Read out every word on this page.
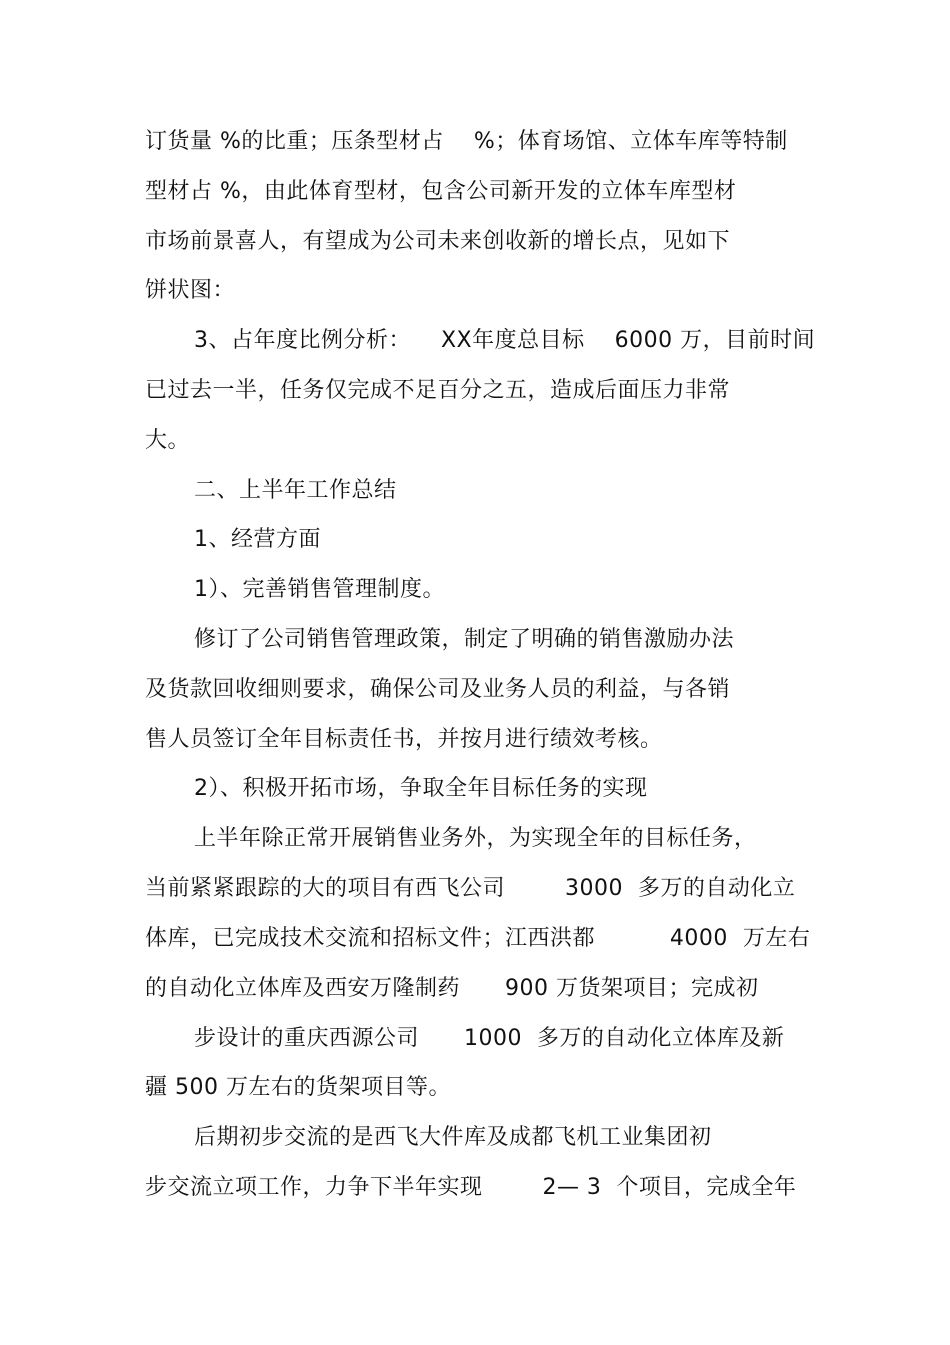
订货量 %的比重；压条型材占    %；体育场馆、立体车库等特制
型材占 %，由此体育型材，包含公司新开发的立体车库型材
市场前景喜人，有望成为公司未来创收新的增长点，见如下
饼状图：
3、占年度比例分析：    XX年度总目标    6000 万，目前时间
已过去一半，任务仅完成不足百分之五，造成后面压力非常
大。
二、上半年工作总结
1、经营方面
1）、完善销售管理制度。
修订了公司销售管理政策，制定了明确的销售激励办法
及货款回收细则要求，确保公司及业务人员的利益，与各销
售人员签订全年目标责任书，并按月进行绩效考核。
2）、积极开拓市场，争取全年目标任务的实现
上半年除正常开展销售业务外，为实现全年的目标任务，
当前紧紧跟踪的大的项目有西飞公司        3000  多万的自动化立
体库，已完成技术交流和招标文件；江西洪都          4000  万左右
的自动化立体库及西安万隆制药      900 万货架项目；完成初
步设计的重庆西源公司      1000  多万的自动化立体库及新
疆 500 万左右的货架项目等。
后期初步交流的是西飞大件库及成都飞机工业集团初
步交流立项工作，力争下半年实现        2— 3  个项目，完成全年
